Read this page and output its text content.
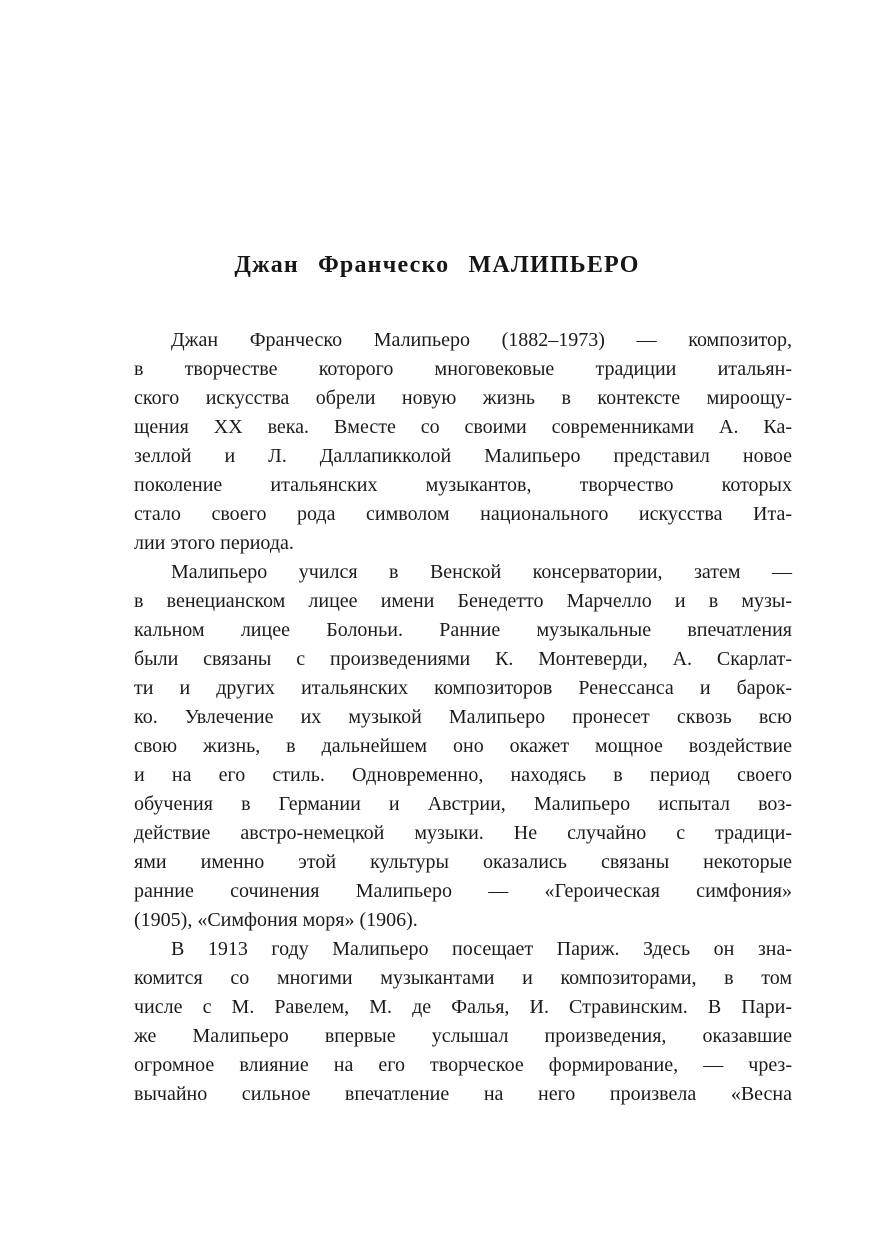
Джан Франческо МАЛИПЬЕРО

Джан Франческо Малипьеро (1882–1973) — композитор,
в творчестве которого многовековые традиции итальян-
ского искусства обрели новую жизнь в контексте мироощу-
щения XX века. Вместе со своими современниками А. Ка-
зеллой и Л. Даллапикколой Малипьеро представил новое
поколение итальянских музыкантов, творчество которых
стало своего рода символом национального искусства Ита-
лии этого периода.

Малипьеро учился в Венской консерватории, затем —
в венецианском лицее имени Бенедетто Марчелло и в музы-
кальном лицее Болоньи. Ранние музыкальные впечатления
были связаны с произведениями К. Монтеверди, А. Скарлат-
ти и других итальянских композиторов Ренессанса и барок-
ко. Увлечение их музыкой Малипьеро пронесет сквозь всю
свою жизнь, в дальнейшем оно окажет мощное воздействие
и на его стиль. Одновременно, находясь в период своего
обучения в Германии и Австрии, Малипьеро испытал воз-
действие австро-немецкой музыки. Не случайно с традици-
ями именно этой культуры оказались связаны некоторые
ранние сочинения Малипьеро — «Героическая симфония»
(1905), «Симфония моря» (1906).

В 1913 году Малипьеро посещает Париж. Здесь он зна-
комится со многими музыкантами и композиторами, в том
числе с М. Равелем, М. де Фалья, И. Стравинским. В Пари-
же Малипьеро впервые услышал произведения, оказавшие
огромное влияние на его творческое формирование, — чрез-
вычайно сильное впечатление на него произвела «Весна
